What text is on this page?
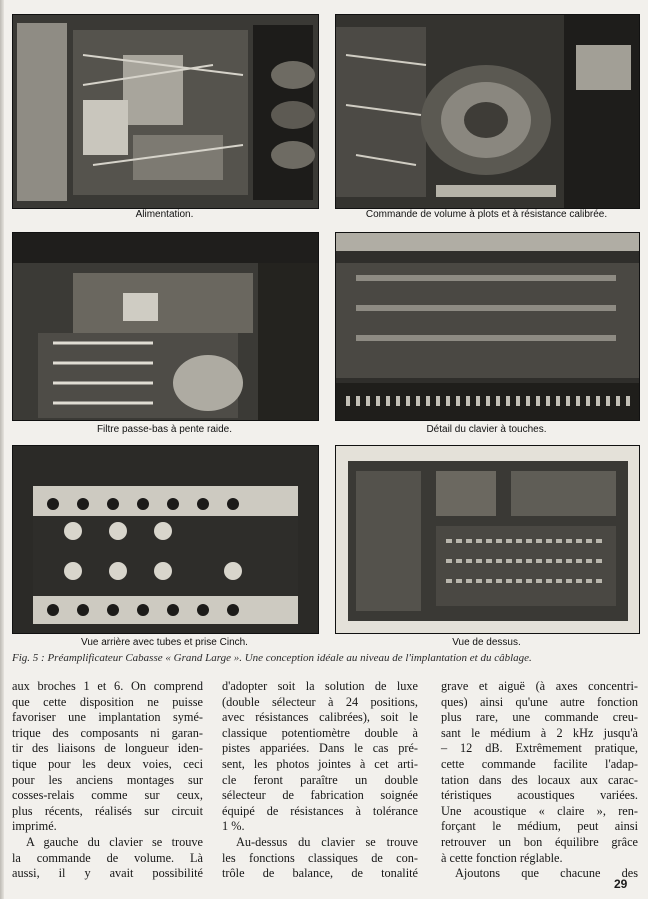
Alimentation.	Commande de volume à plots et à résistance calibrée.
Filtre passe-bas à pente raide.	Détail du clavier à touches.
Vue arrière avec tubes et prise Cinch.	Vue de dessus.
Fig. 5 : Préamplificateur Cabasse « Grand Large ». Une conception idéale au niveau de l'implantation et du câblage.
aux broches 1 et 6. On comprend
que cette disposition ne puisse
favoriser une implantation symé-
trique des composants ni garan-
tir des liaisons de longueur iden-
tique pour les deux voies, ceci
pour les anciens montages sur
cosses-relais comme sur ceux,
plus récents, réalisés sur circuit
imprimé.
A gauche du clavier se trouve
la commande de volume. Là
aussi, il y avait possibilité
d'adopter soit la solution de luxe
(double sélecteur à 24 positions,
avec résistances calibrées), soit le
classique potentiomètre double à
pistes appariées. Dans le cas pré-
sent, les photos jointes à cet arti-
cle feront paraître un double
sélecteur de fabrication soignée
équipé de résistances à tolérance
1 %.
Au-dessus du clavier se trouve
les fonctions classiques de con-
trôle de balance, de tonalité
grave et aiguë (à axes concentri-
ques) ainsi qu'une autre fonction
plus rare, une commande creu-
sant le médium à 2 kHz jusqu'à
– 12 dB. Extrêmement pratique,
cette commande facilite l'adap-
tation dans des locaux aux carac-
téristiques acoustiques variées.
Une acoustique « claire », ren-
forçant le médium, peut ainsi
retrouver un bon équilibre grâce
à cette fonction réglable.
Ajoutons que chacune des
29
